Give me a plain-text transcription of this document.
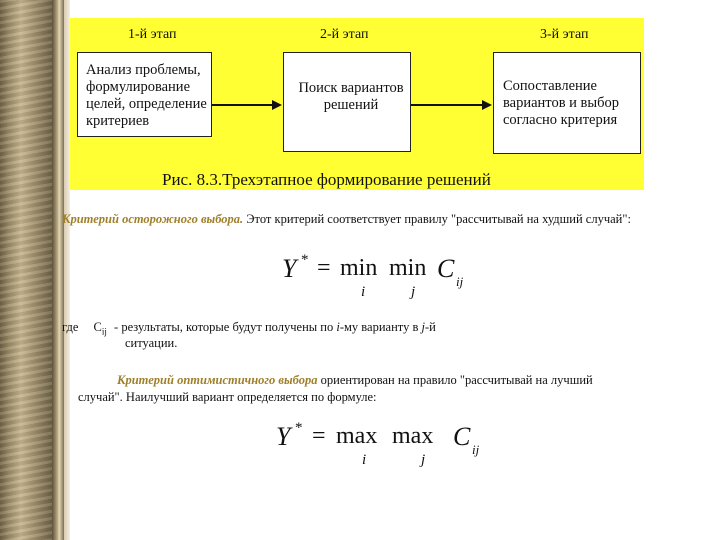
1-й этап	2-й этап	3-й этап
Анализ проблемы,
формулирование
целей, определение
критериев
Поиск вариантов
решений
Сопоставление
вариантов и выбор
согласно критерия
Рис. 8.3.Трехэтапное формирование решений
Критерий осторожного выбора. Этот критерий соответствует правилу "рассчитывай на худший случай":
Y * = min min C ij
i	j
где $C_{ij}$ - результаты, которые будут получены по i-му варианту в j-й
ситуации.
Критерий оптимистичного выбора ориентирован на правило "рассчитывай на лучший
случай". Наилучший вариант определяется по формуле:
Y * = max max C ij
i	j
